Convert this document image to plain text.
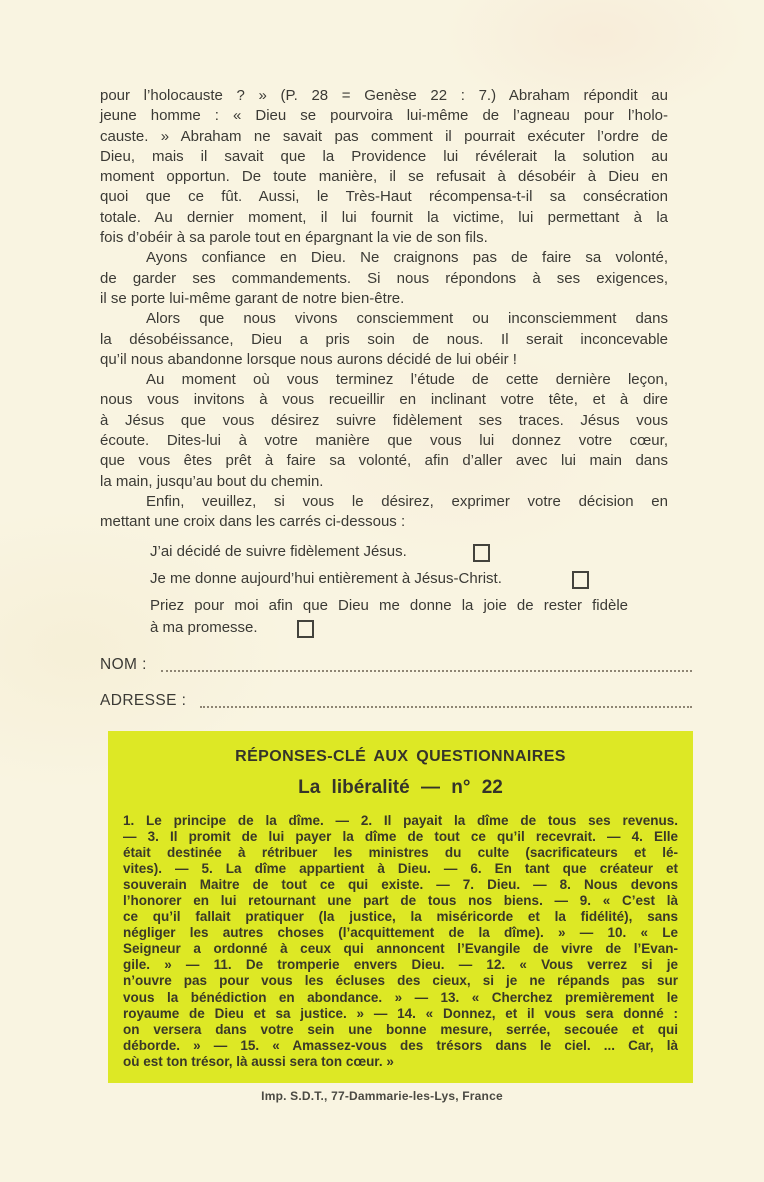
pour l’holocauste ? » (P. 28 = Genèse 22 : 7.) Abraham répondit au
jeune homme : « Dieu se pourvoira lui-même de l’agneau pour l’holo-
causte. » Abraham ne savait pas comment il pourrait exécuter l’ordre de
Dieu, mais il savait que la Providence lui révélerait la solution au
moment opportun. De toute manière, il se refusait à désobéir à Dieu en
quoi que ce fût. Aussi, le Très-Haut récompensa-t-il sa consécration
totale. Au dernier moment, il lui fournit la victime, lui permettant à la
fois d’obéir à sa parole tout en épargnant la vie de son fils.
Ayons confiance en Dieu. Ne craignons pas de faire sa volonté,
de garder ses commandements. Si nous répondons à ses exigences,
il se porte lui-même garant de notre bien-être.
Alors que nous vivons consciemment ou inconsciemment dans
la désobéissance, Dieu a pris soin de nous. Il serait inconcevable
qu’il nous abandonne lorsque nous aurons décidé de lui obéir !
Au moment où vous terminez l’étude de cette dernière leçon,
nous vous invitons à vous recueillir en inclinant votre tête, et à dire
à Jésus que vous désirez suivre fidèlement ses traces. Jésus vous
écoute. Dites-lui à votre manière que vous lui donnez votre cœur,
que vous êtes prêt à faire sa volonté, afin d’aller avec lui main dans
la main, jusqu’au bout du chemin.
Enfin, veuillez, si vous le désirez, exprimer votre décision en
mettant une croix dans les carrés ci-dessous :
J’ai décidé de suivre fidèlement Jésus.
Je me donne aujourd’hui entièrement à Jésus-Christ.
Priez pour moi afin que Dieu me donne la joie de rester fidèle
à ma promesse.
NOM :
ADRESSE :
RÉPONSES-CLÉ AUX QUESTIONNAIRES
La libéralité — n° 22
1. Le principe de la dîme. — 2. Il payait la dîme de tous ses revenus.
— 3. Il promit de lui payer la dîme de tout ce qu’il recevrait. — 4. Elle
était destinée à rétribuer les ministres du culte (sacrificateurs et lé-
vites). — 5. La dîme appartient à Dieu. — 6. En tant que créateur et
souverain Maitre de tout ce qui existe. — 7. Dieu. — 8. Nous devons
l’honorer en lui retournant une part de tous nos biens. — 9. « C’est là
ce qu’il fallait pratiquer (la justice, la miséricorde et la fidélité), sans
négliger les autres choses (l’acquittement de la dîme). » — 10. « Le
Seigneur a ordonné à ceux qui annoncent l’Evangile de vivre de l’Evan-
gile. » — 11. De tromperie envers Dieu. — 12. « Vous verrez si je
n’ouvre pas pour vous les écluses des cieux, si je ne répands pas sur
vous la bénédiction en abondance. » — 13. « Cherchez premièrement le
royaume de Dieu et sa justice. » — 14. « Donnez, et il vous sera donné :
on versera dans votre sein une bonne mesure, serrée, secouée et qui
déborde. » — 15. « Amassez-vous des trésors dans le ciel. ... Car, là
où est ton trésor, là aussi sera ton cœur. »
Imp. S.D.T., 77-Dammarie-les-Lys, France
